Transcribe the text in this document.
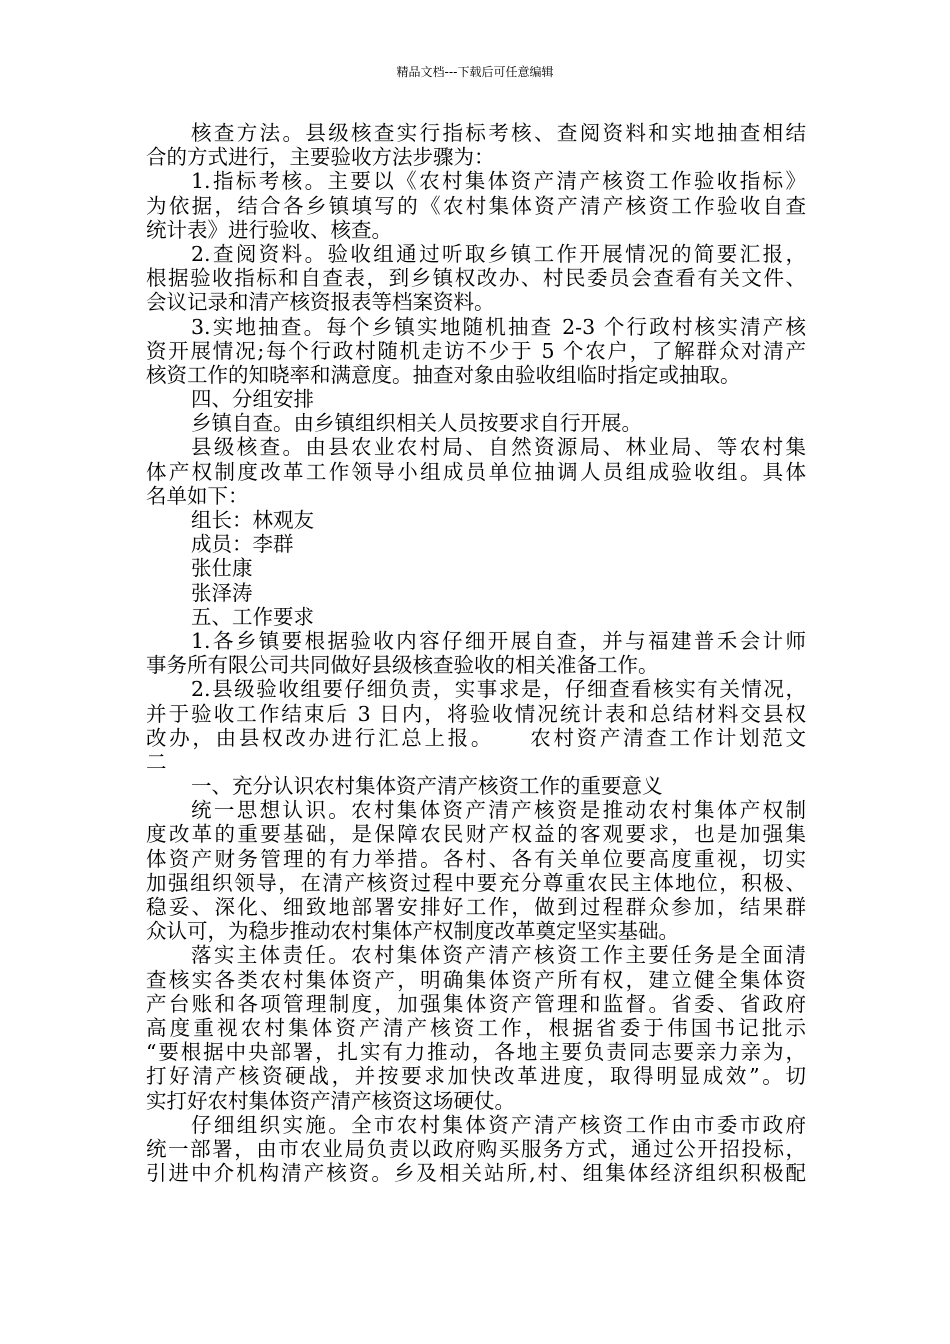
精品文档---下载后可任意编辑
核查方法。县级核查实行指标考核、查阅资料和实地抽查相结
合的方式进行，主要验收方法步骤为：
1.指标考核。主要以《农村集体资产清产核资工作验收指标》
为依据，结合各乡镇填写的《农村集体资产清产核资工作验收自查
统计表》进行验收、核查。
2.查阅资料。验收组通过听取乡镇工作开展情况的简要汇报，
根据验收指标和自查表，到乡镇权改办、村民委员会查看有关文件、
会议记录和清产核资报表等档案资料。
3.实地抽查。每个乡镇实地随机抽查 2-3 个行政村核实清产核
资开展情况;每个行政村随机走访不少于 5 个农户，了解群众对清产
核资工作的知晓率和满意度。抽查对象由验收组临时指定或抽取。
四、分组安排
乡镇自查。由乡镇组织相关人员按要求自行开展。
县级核查。由县农业农村局、自然资源局、林业局、等农村集
体产权制度改革工作领导小组成员单位抽调人员组成验收组。具体
名单如下：
组长：林观友
成员：李群
张仕康
张泽涛
五、工作要求
1.各乡镇要根据验收内容仔细开展自查，并与福建普禾会计师
事务所有限公司共同做好县级核查验收的相关准备工作。
2.县级验收组要仔细负责，实事求是，仔细查看核实有关情况，
并于验收工作结束后 3 日内，将验收情况统计表和总结材料交县权
改办，由县权改办进行汇总上报。　　农村资产清查工作计划范文
二
一、充分认识农村集体资产清产核资工作的重要意义
统一思想认识。农村集体资产清产核资是推动农村集体产权制
度改革的重要基础，是保障农民财产权益的客观要求，也是加强集
体资产财务管理的有力举措。各村、各有关单位要高度重视，切实
加强组织领导，在清产核资过程中要充分尊重农民主体地位，积极、
稳妥、深化、细致地部署安排好工作，做到过程群众参加，结果群
众认可，为稳步推动农村集体产权制度改革奠定坚实基础。
落实主体责任。农村集体资产清产核资工作主要任务是全面清
查核实各类农村集体资产，明确集体资产所有权，建立健全集体资
产台账和各项管理制度，加强集体资产管理和监督。省委、省政府
高度重视农村集体资产清产核资工作，根据省委于伟国书记批示
“要根据中央部署，扎实有力推动，各地主要负责同志要亲力亲为，
打好清产核资硬战，并按要求加快改革进度，取得明显成效”。切
实打好农村集体资产清产核资这场硬仗。
仔细组织实施。全市农村集体资产清产核资工作由市委市政府
统一部署，由市农业局负责以政府购买服务方式，通过公开招投标，
引进中介机构清产核资。乡及相关站所,村、组集体经济组织积极配
